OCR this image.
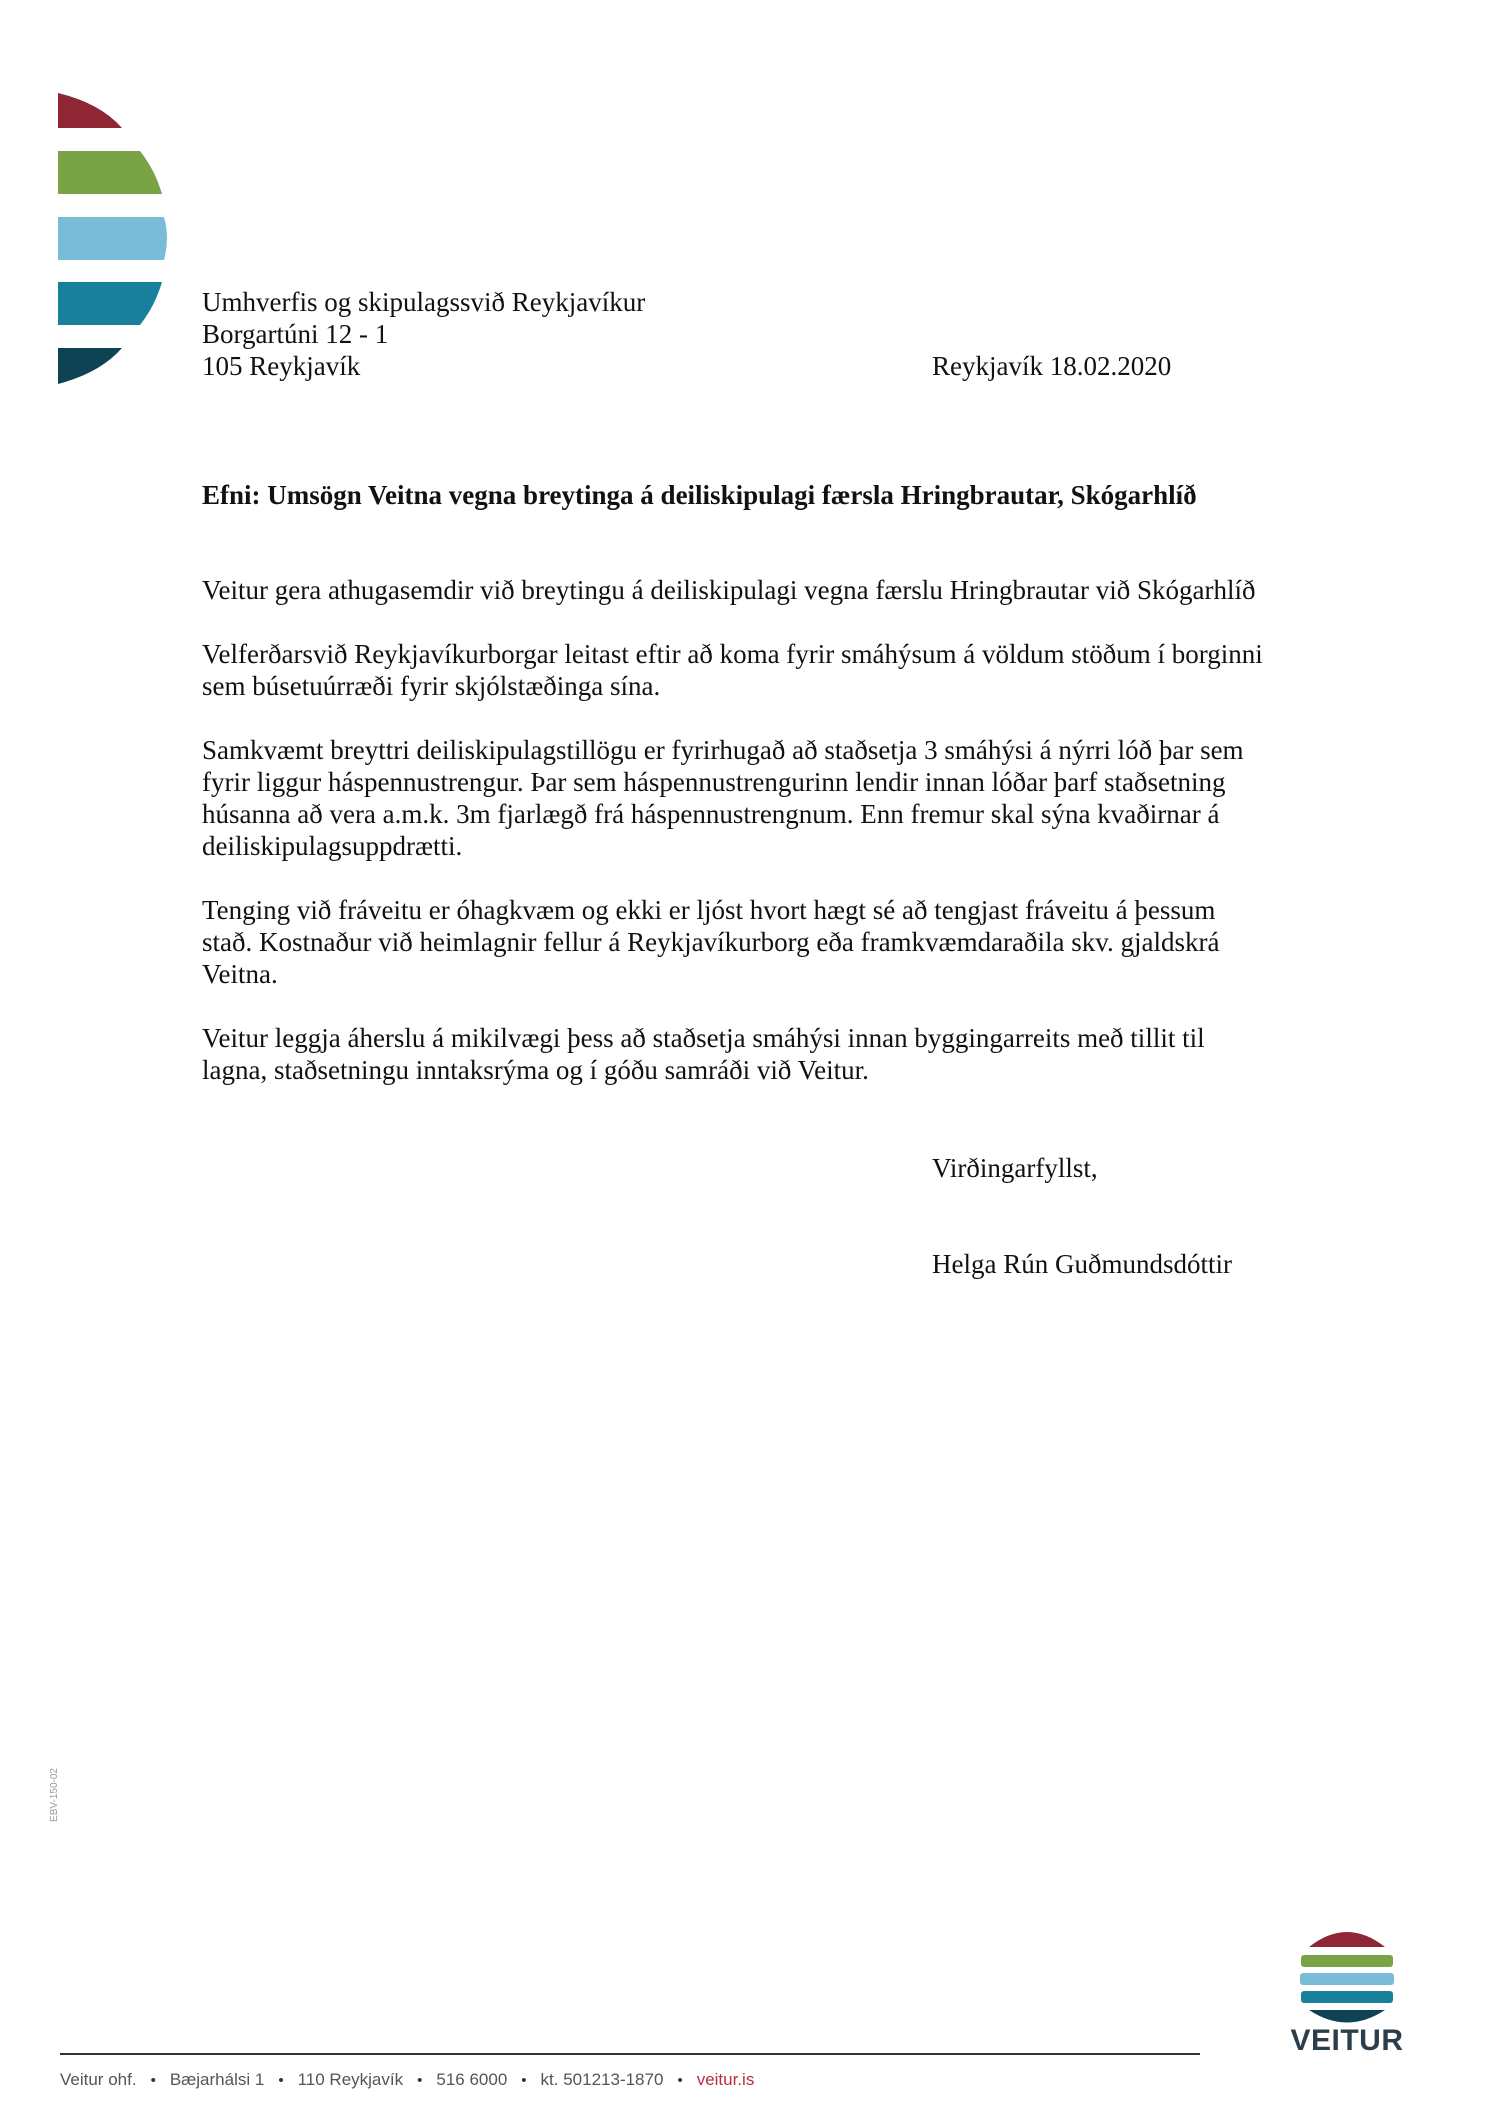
Umhverfis og skipulagssvið Reykjavíkur
Borgartúni 12 - 1
105 Reykjavík	Reykjavík 18.02.2020
Efni: Umsögn Veitna vegna breytinga á deiliskipulagi færsla Hringbrautar, Skógarhlíð

Veitur gera athugasemdir við breytingu á deiliskipulagi vegna færslu Hringbrautar við Skógarhlíð

Velferðarsvið Reykjavíkurborgar leitast eftir að koma fyrir smáhýsum á völdum stöðum í borginni
sem búsetuúrræði fyrir skjólstæðinga sína.

Samkvæmt breyttri deiliskipulagstillögu er fyrirhugað að staðsetja 3 smáhýsi á nýrri lóð þar sem
fyrir liggur háspennustrengur. Þar sem háspennustrengurinn lendir innan lóðar þarf staðsetning
húsanna að vera a.m.k. 3m fjarlægð frá háspennustrengnum. Enn fremur skal sýna kvaðirnar á
deiliskipulagsuppdrætti.

Tenging við fráveitu er óhagkvæm og ekki er ljóst hvort hægt sé að tengjast fráveitu á þessum
stað. Kostnaður við heimlagnir fellur á Reykjavíkurborg eða framkvæmdaraðila skv. gjaldskrá
Veitna.

Veitur leggja áherslu á mikilvægi þess að staðsetja smáhýsi innan byggingarreits með tillit til
lagna, staðsetningu inntaksrýma og í góðu samráði við Veitur.

Virðingarfyllst,
Helga Rún Guðmundsdóttir
EBV-150-02
Veitur ohf. • Bæjarhálsi 1 • 110 Reykjavík • 516 6000 • kt. 501213-1870 • veitur.is
VEITUR
